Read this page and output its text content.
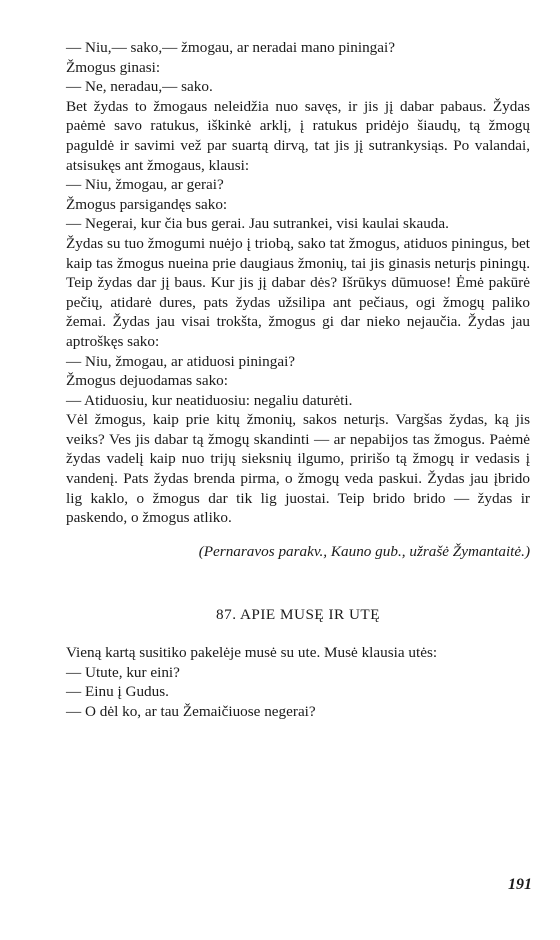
— Niu,— sako,— žmogau, ar neradai mano piningai?

Žmogus ginasi:

— Ne, neradau,— sako.

Bet žydas to žmogaus neleidžia nuo savęs, ir jis jį dabar pabaus. Žydas paėmė savo ratukus, iškinkė arklį, į ratukus pridėjo šiaudų, tą žmogų paguldė ir savimi vež par suartą dirvą, tat jis jį sutrankysiąs. Po valandai, atsisukęs ant žmogaus, klausi:

— Niu, žmogau, ar gerai?

Žmogus parsigandęs sako:

— Negerai, kur čia bus gerai. Jau sutrankei, visi kaulai skauda.

Žydas su tuo žmogumi nuėjo į triobą, sako tat žmogus, atiduos piningus, bet kaip tas žmogus nueina prie daugiaus žmonių, tai jis ginasis neturįs piningų. Teip žydas dar jį baus. Kur jis jį dabar dės? Išrūkys dūmuose! Ėmė pakūrė pečių, atidarė dures, pats žydas užsilipa ant pečiaus, ogi žmogų paliko žemai. Žydas jau visai trokšta, žmogus gi dar nieko nejaučia. Žydas jau aptroškęs sako:

— Niu, žmogau, ar atiduosi piningai?

Žmogus dejuodamas sako:

— Atiduosiu, kur neatiduosiu: negaliu daturėti.

Vėl žmogus, kaip prie kitų žmonių, sakos neturįs. Vargšas žydas, ką jis veiks? Ves jis dabar tą žmogų skandinti — ar nepabijos tas žmogus. Paėmė žydas vadelį kaip nuo trijų sieksnių ilgumo, pririšo tą žmogų ir vedasis į vandenį. Pats žydas brenda pirma, o žmogų veda paskui. Žydas jau įbrido lig kaklo, o žmogus dar tik lig juostai. Teip brido brido — žydas ir paskendo, o žmogus atliko.

(Pernaravos parakv., Kauno gub., užrašė Žymantaitė.)

87. APIE MUSĘ IR UTĘ

Vieną kartą susitiko pakelėje musė su ute. Musė klausia utės:

— Utute, kur eini?

— Einu į Gudus.

— O dėl ko, ar tau Žemaičiuose negerai?

191
